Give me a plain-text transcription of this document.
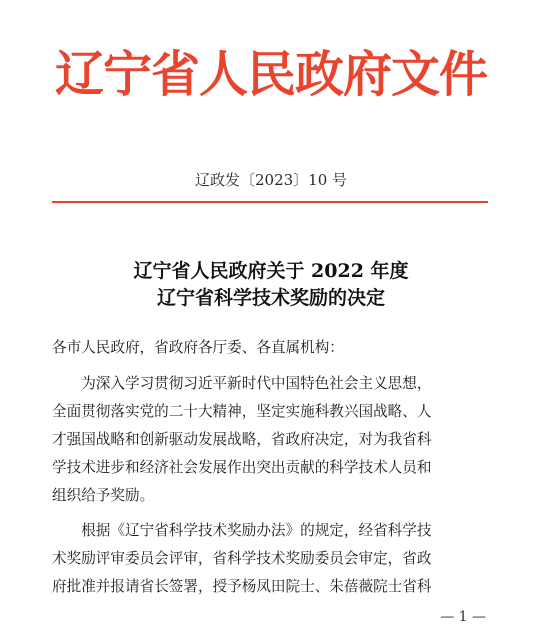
辽宁省人民政府文件
辽政发〔2023〕10 号
辽宁省人民政府关于 2022 年度
辽宁省科学技术奖励的决定
各市人民政府，省政府各厅委、各直属机构：
　　为深入学习贯彻习近平新时代中国特色社会主义思想，
全面贯彻落实党的二十大精神，坚定实施科教兴国战略、人
才强国战略和创新驱动发展战略，省政府决定，对为我省科
学技术进步和经济社会发展作出突出贡献的科学技术人员和
组织给予奖励。
　　根据《辽宁省科学技术奖励办法》的规定，经省科学技
术奖励评审委员会评审，省科学技术奖励委员会审定，省政
府批准并报请省长签署，授予杨凤田院士、朱蓓薇院士省科
— 1 —
